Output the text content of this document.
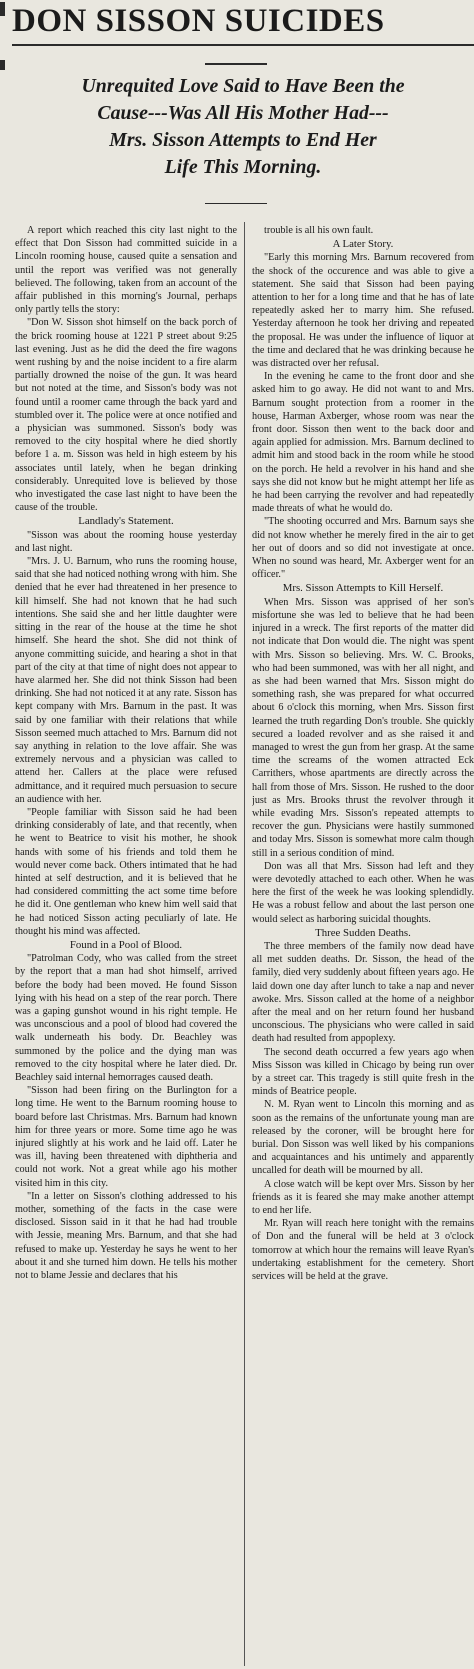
DON SISSON SUICIDES
Unrequited Love Said to Have Been the
Cause---Was All His Mother Had---
Mrs. Sisson Attempts to End Her
Life This Morning.

A report which reached this city last night to the effect that Don Sisson had committed suicide in a Lincoln rooming house, caused quite a sensation and until the report was verified was not generally believed. The following, taken from an account of the affair published in this morning's Journal, perhaps only partly tells the story:

"Don W. Sisson shot himself on the back porch of the brick rooming house at 1221 P street about 9:25 last evening. Just as he did the deed the fire wagons went rushing by and the noise incident to a fire alarm partially drowned the noise of the gun. It was heard but not noted at the time, and Sisson's body was not found until a roomer came through the back yard and stumbled over it. The police were at once notified and a physician was summoned. Sisson's body was removed to the city hospital where he died shortly before 1 a. m. Sisson was held in high esteem by his associates until lately, when he began drinking considerably. Unrequited love is believed by those who investigated the case last night to have been the cause of the trouble.

Landlady's Statement.

"Sisson was about the rooming house yesterday and last night.

"Mrs. J. U. Barnum, who runs the rooming house, said that she had noticed nothing wrong with him. She denied that he ever had threatened in her presence to kill himself. She had not known that he had such intentions. She said she and her little daughter were sitting in the rear of the house at the time he shot himself. She heard the shot. She did not think of anyone committing suicide, and hearing a shot in that part of the city at that time of night does not appear to have alarmed her. She did not think Sisson had been drinking. She had not noticed it at any rate. Sisson has kept company with Mrs. Barnum in the past. It was said by one familiar with their relations that while Sisson seemed much attached to Mrs. Barnum did not say anything in relation to the love affair. She was extremely nervous and a physician was called to attend her. Callers at the place were refused admittance, and it required much persuasion to secure an audience with her.

"People familiar with Sisson said he had been drinking considerably of late, and that recently, when he went to Beatrice to visit his mother, he shook hands with some of his friends and told them he would never come back. Others intimated that he had hinted at self destruction, and it is believed that he had considered committing the act some time before he did it. One gentleman who knew him well said that he had noticed Sisson acting peculiarly of late. He thought his mind was affected.

Found in a Pool of Blood.

"Patrolman Cody, who was called from the street by the report that a man had shot himself, arrived before the body had been moved. He found Sisson lying with his head on a step of the rear porch. There was a gaping gunshot wound in his right temple. He was unconscious and a pool of blood had covered the walk underneath his body. Dr. Beachley was summoned by the police and the dying man was removed to the city hospital where he later died. Dr. Beachley said internal hemorrages caused death.

"Sisson had been firing on the Burlington for a long time. He went to the Barnum rooming house to board before last Christmas. Mrs. Barnum had known him for three years or more. Some time ago he was injured slightly at his work and he laid off. Later he was ill, having been threatened with diphtheria and could not work. Not a great while ago his mother visited him in this city.

"In a letter on Sisson's clothing addressed to his mother, something of the facts in the case were disclosed. Sisson said in it that he had had trouble with Jessie, meaning Mrs. Barnum, and that she had refused to make up. Yesterday he says he went to her about it and she turned him down. He tells his mother not to blame Jessie and declares that his

trouble is all his own fault.

A Later Story.

"Early this morning Mrs. Barnum recovered from the shock of the occurence and was able to give a statement. She said that Sisson had been paying attention to her for a long time and that he has of late repeatedly asked her to marry him. She refused. Yesterday afternoon he took her driving and repeated the proposal. He was under the influence of liquor at the time and declared that he was drinking because he was distracted over her refusal.

In the evening he came to the front door and she asked him to go away. He did not want to and Mrs. Barnum sought protection from a roomer in the house, Harman Axberger, whose room was near the front door. Sisson then went to the back door and again applied for admission. Mrs. Barnum declined to admit him and stood back in the room while he stood on the porch. He held a revolver in his hand and she says she did not know but he might attempt her life as he had been carrying the revolver and had repeatedly made threats of what he would do.

"The shooting occurred and Mrs. Barnum says she did not know whether he merely fired in the air to get her out of doors and so did not investigate at once. When no sound was heard, Mr. Axberger went for an officer."

Mrs. Sisson Attempts to Kill Herself.

When Mrs. Sisson was apprised of her son's misfortune she was led to believe that he had been injured in a wreck. The first reports of the matter did not indicate that Don would die. The night was spent with Mrs. Sisson so believing. Mrs. W. C. Brooks, who had been summoned, was with her all night, and as she had been warned that Mrs. Sisson might do something rash, she was prepared for what occurred about 6 o'clock this morning, when Mrs. Sisson first learned the truth regarding Don's trouble. She quickly secured a loaded revolver and as she raised it and managed to wrest the gun from her grasp. At the same time the screams of the women attracted Eck Carrithers, whose apartments are directly across the hall from those of Mrs. Sisson. He rushed to the door just as Mrs. Brooks thrust the revolver through it while evading Mrs. Sisson's repeated attempts to recover the gun. Physicians were hastily summoned and today Mrs. Sisson is somewhat more calm though still in a serious condition of mind.

Don was all that Mrs. Sisson had left and they were devotedly attached to each other. When he was here the first of the week he was looking splendidly. He was a robust fellow and about the last person one would select as harboring suicidal thoughts.

Three Sudden Deaths.

The three members of the family now dead have all met sudden deaths. Dr. Sisson, the head of the family, died very suddenly about fifteen years ago. He laid down one day after lunch to take a nap and never awoke. Mrs. Sisson called at the home of a neighbor after the meal and on her return found her husband unconscious. The physicians who were called in said death had resulted from appoplexy.

The second death occurred a few years ago when Miss Sisson was killed in Chicago by being run over by a street car. This tragedy is still quite fresh in the minds of Beatrice people.

N. M. Ryan went to Lincoln this morning and as soon as the remains of the unfortunate young man are released by the coroner, will be brought here for burial. Don Sisson was well liked by his companions and acquaintances and his untimely and apparently uncalled for death will be mourned by all.

A close watch will be kept over Mrs. Sisson by her friends as it is feared she may make another attempt to end her life.

Mr. Ryan will reach here tonight with the remains of Don and the funeral will be held at 3 o'clock tomorrow at which hour the remains will leave Ryan's undertaking establishment for the cemetery. Short services will be held at the grave.
